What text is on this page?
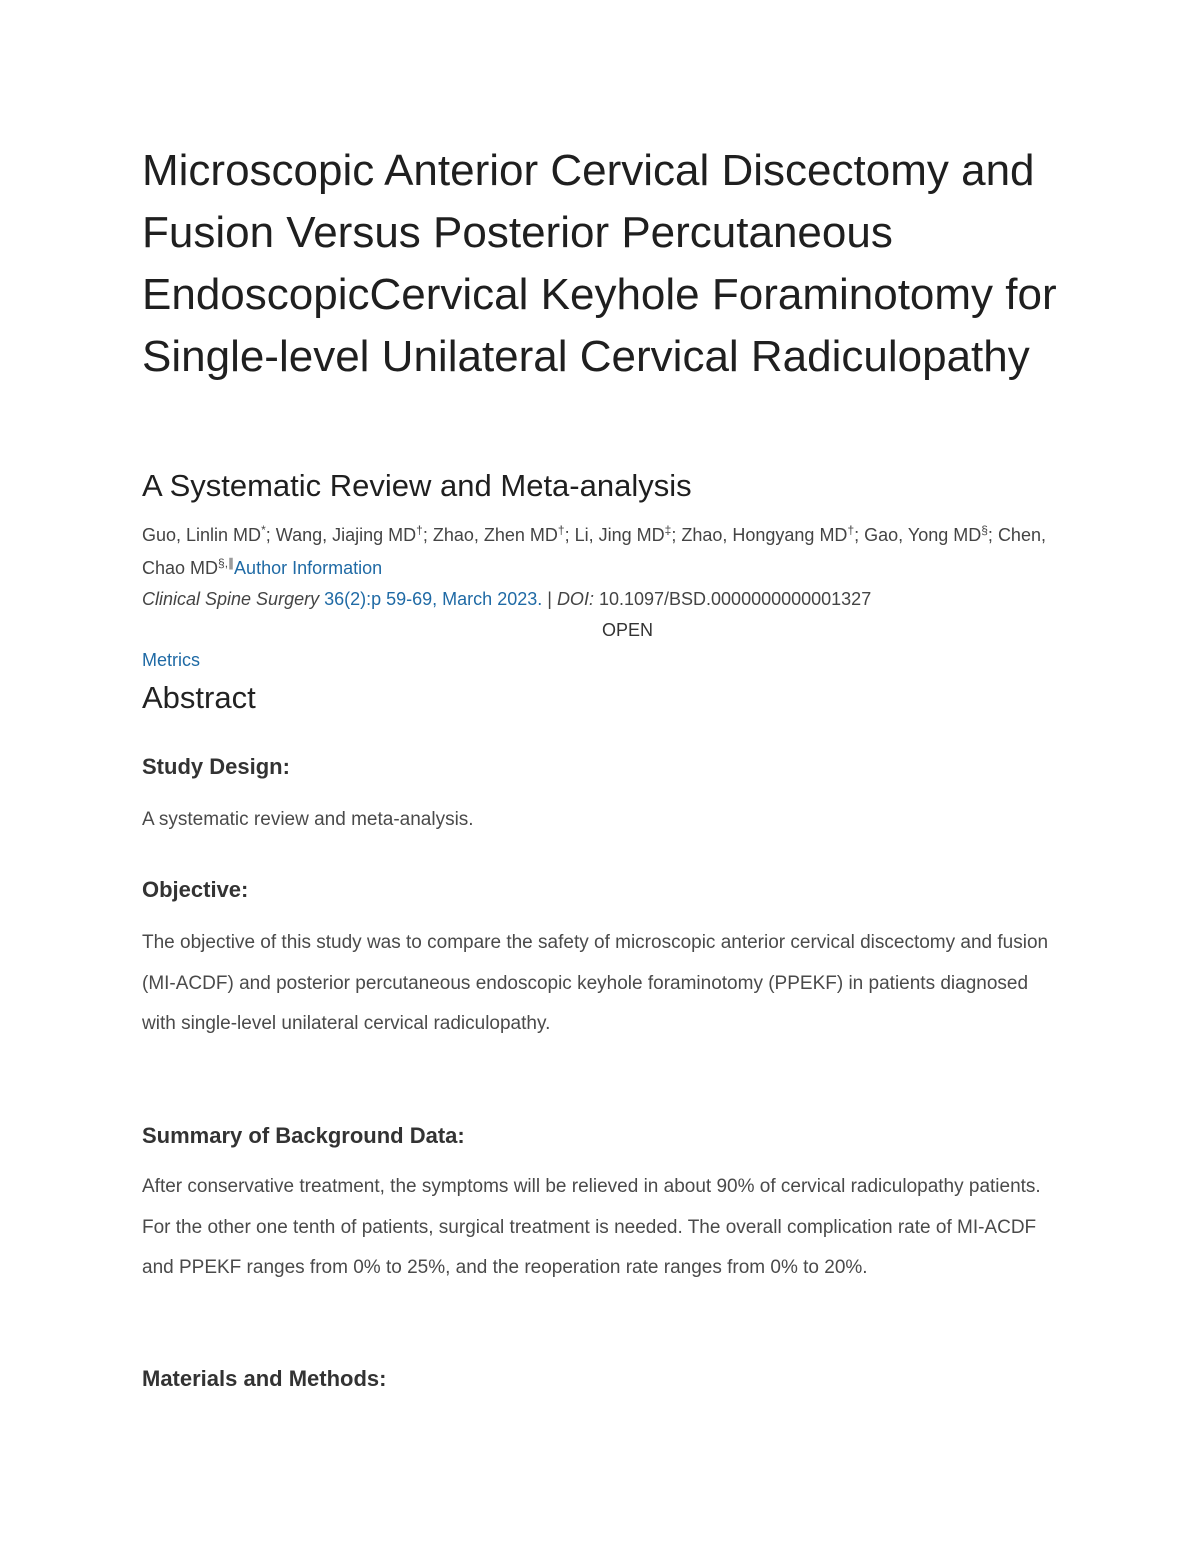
Microscopic Anterior Cervical Discectomy and Fusion Versus Posterior Percutaneous EndoscopicCervical Keyhole Foraminotomy for Single-level Unilateral Cervical Radiculopathy
A Systematic Review and Meta-analysis
Guo, Linlin MD*; Wang, Jiajing MD†; Zhao, Zhen MD†; Li, Jing MD‡; Zhao, Hongyang MD†; Gao, Yong MD§; Chen, Chao MD§,∥Author Information
Clinical Spine Surgery 36(2):p 59-69, March 2023. | DOI: 10.1097/BSD.0000000000001327
OPEN
Metrics
Abstract
Study Design:

A systematic review and meta-analysis.

Objective:

The objective of this study was to compare the safety of microscopic anterior cervical discectomy and fusion (MI-ACDF) and posterior percutaneous endoscopic keyhole foraminotomy (PPEKF) in patients diagnosed with single-level unilateral cervical radiculopathy.

Summary of Background Data:

After conservative treatment, the symptoms will be relieved in about 90% of cervical radiculopathy patients. For the other one tenth of patients, surgical treatment is needed. The overall complication rate of MI-ACDF and PPEKF ranges from 0% to 25%, and the reoperation rate ranges from 0% to 20%.

Materials and Methods:
